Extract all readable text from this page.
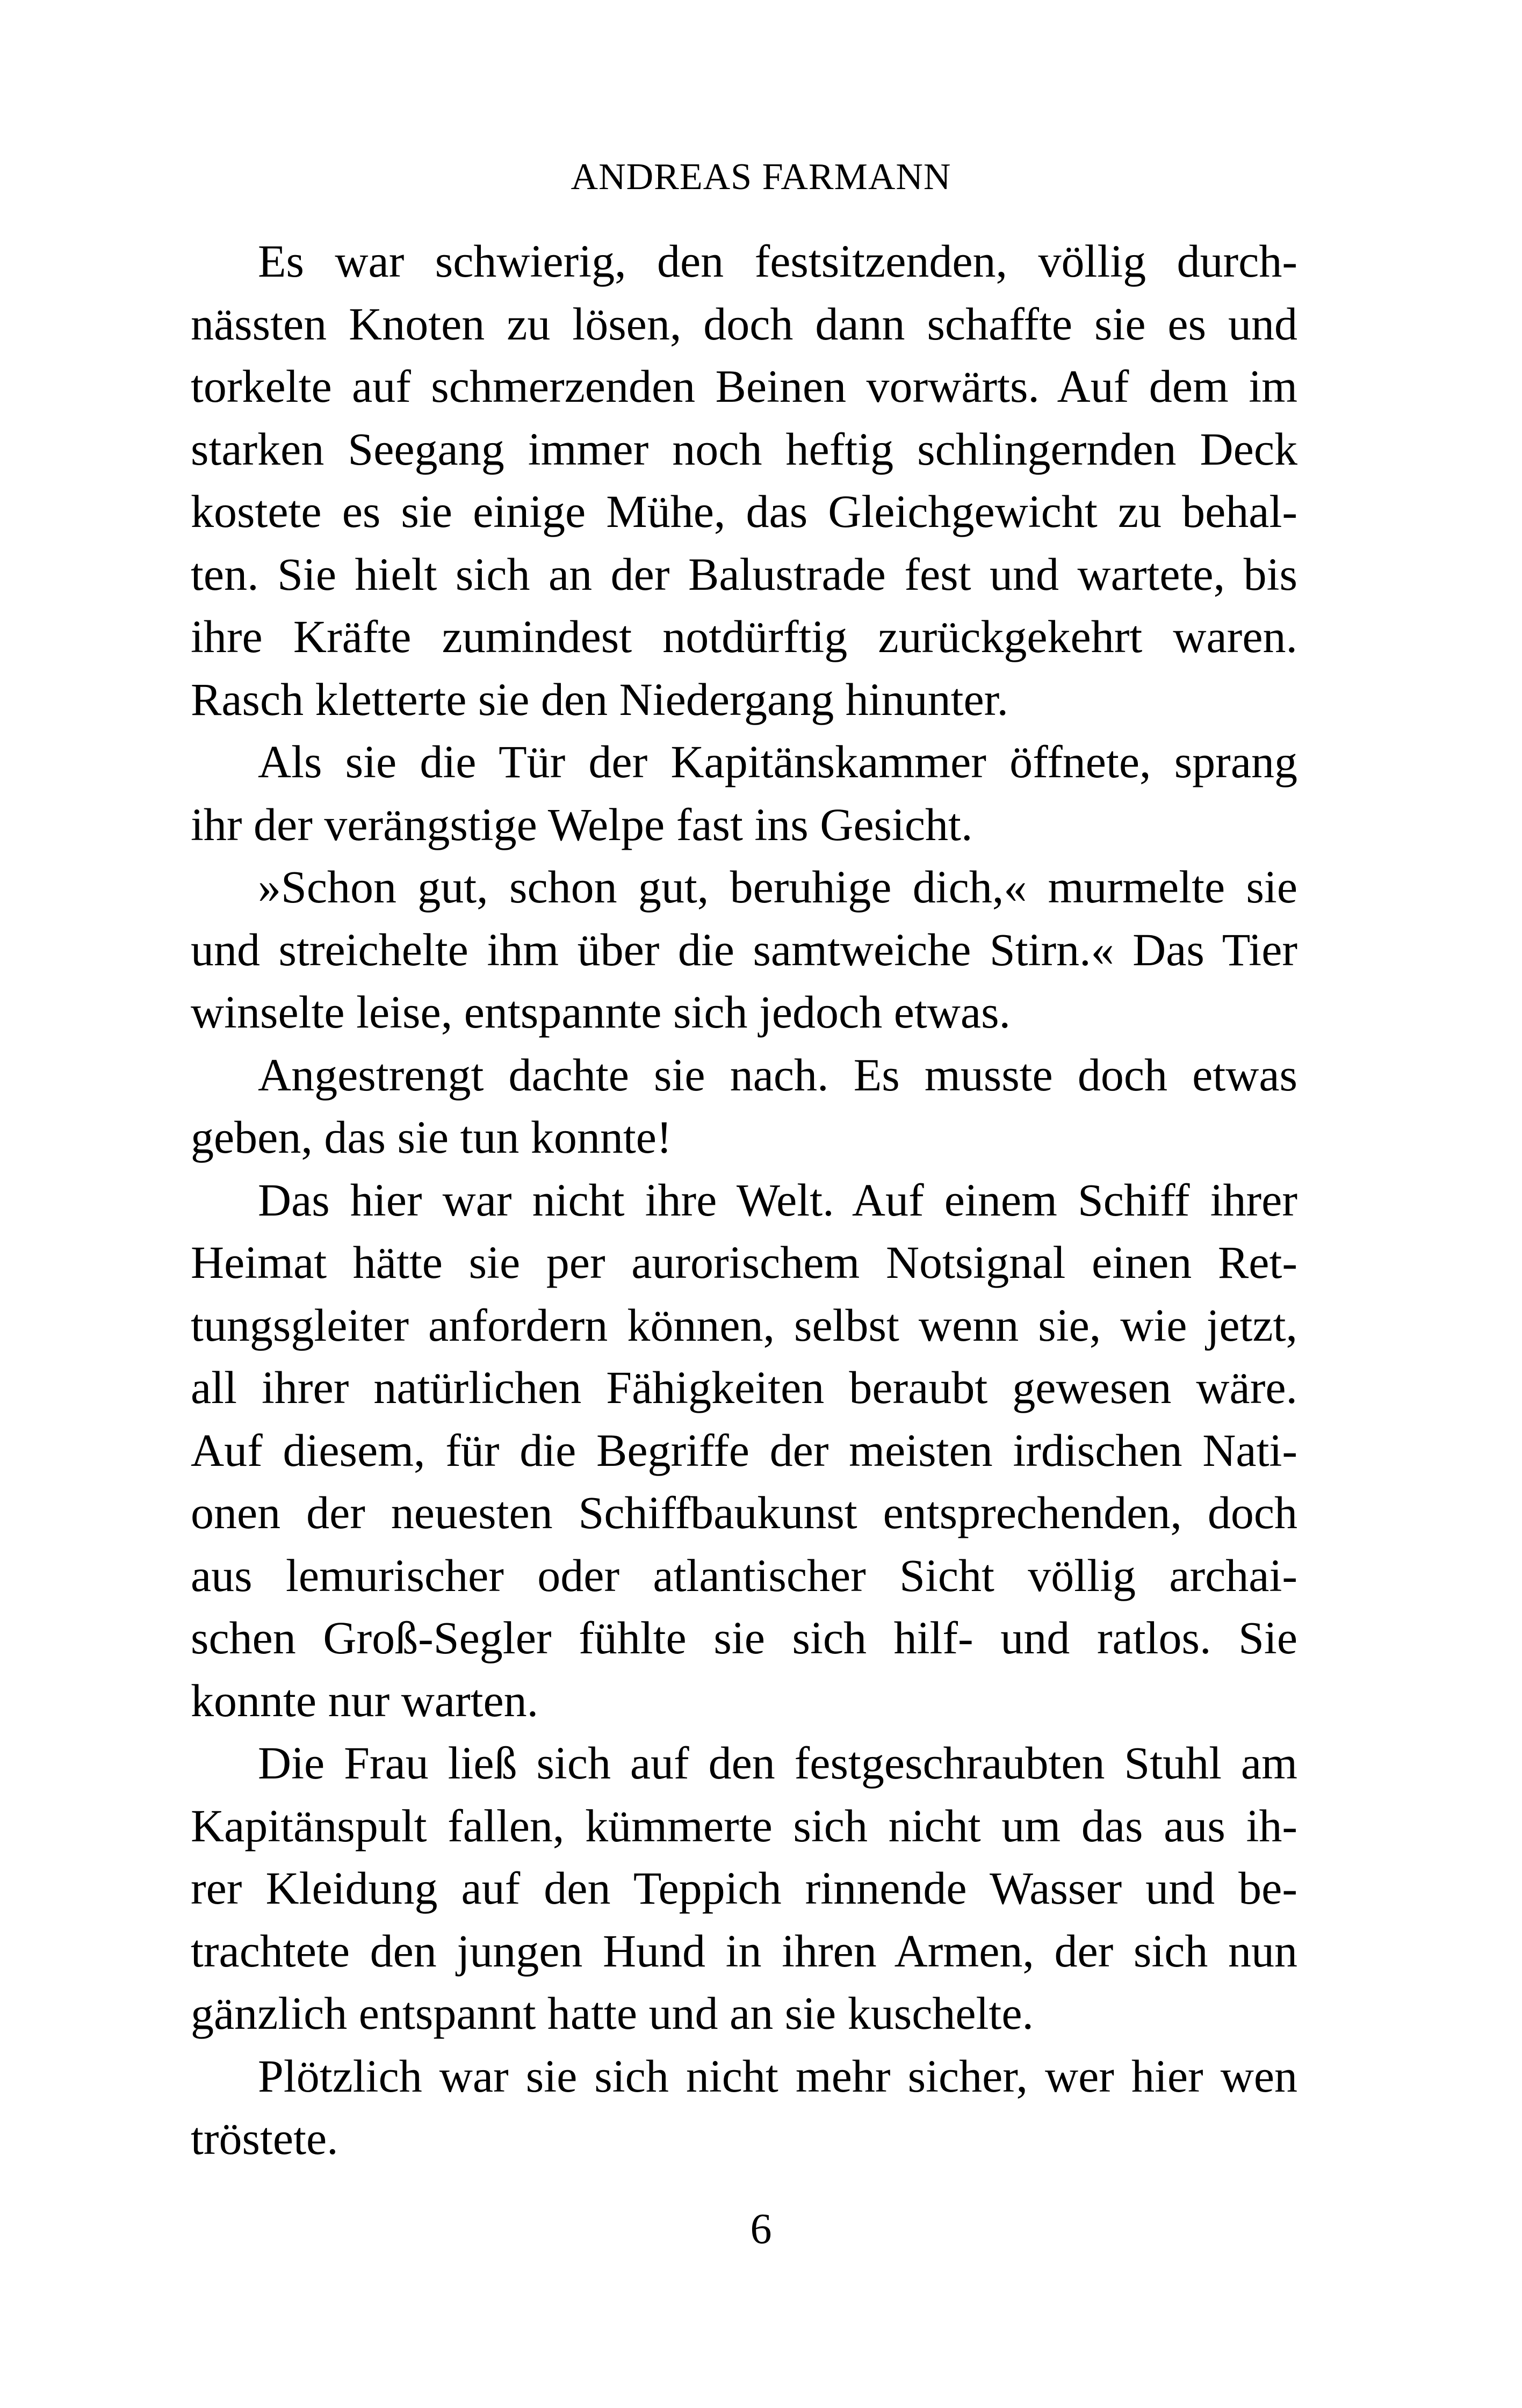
ANDREAS FARMANN

Es war schwierig, den festsitzenden, völlig durch-
nässten Knoten zu lösen, doch dann schaffte sie es und
torkelte auf schmerzenden Beinen vorwärts. Auf dem im
starken Seegang immer noch heftig schlingernden Deck
kostete es sie einige Mühe, das Gleichgewicht zu behal-
ten. Sie hielt sich an der Balustrade fest und wartete, bis
ihre Kräfte zumindest notdürftig zurückgekehrt waren.
Rasch kletterte sie den Niedergang hinunter.

Als sie die Tür der Kapitänskammer öffnete, sprang
ihr der verängstige Welpe fast ins Gesicht.

»Schon gut, schon gut, beruhige dich,« murmelte sie
und streichelte ihm über die samtweiche Stirn.« Das Tier
winselte leise, entspannte sich jedoch etwas.

Angestrengt dachte sie nach. Es musste doch etwas
geben, das sie tun konnte!

Das hier war nicht ihre Welt. Auf einem Schiff ihrer
Heimat hätte sie per aurorischem Notsignal einen Ret-
tungsgleiter anfordern können, selbst wenn sie, wie jetzt,
all ihrer natürlichen Fähigkeiten beraubt gewesen wäre.
Auf diesem, für die Begriffe der meisten irdischen Nati-
onen der neuesten Schiffbaukunst entsprechenden, doch
aus lemurischer oder atlantischer Sicht völlig archai-
schen Groß-Segler fühlte sie sich hilf- und ratlos. Sie
konnte nur warten.

Die Frau ließ sich auf den festgeschraubten Stuhl am
Kapitänspult fallen, kümmerte sich nicht um das aus ih-
rer Kleidung auf den Teppich rinnende Wasser und be-
trachtete den jungen Hund in ihren Armen, der sich nun
gänzlich entspannt hatte und an sie kuschelte.

Plötzlich war sie sich nicht mehr sicher, wer hier wen
tröstete.

6
